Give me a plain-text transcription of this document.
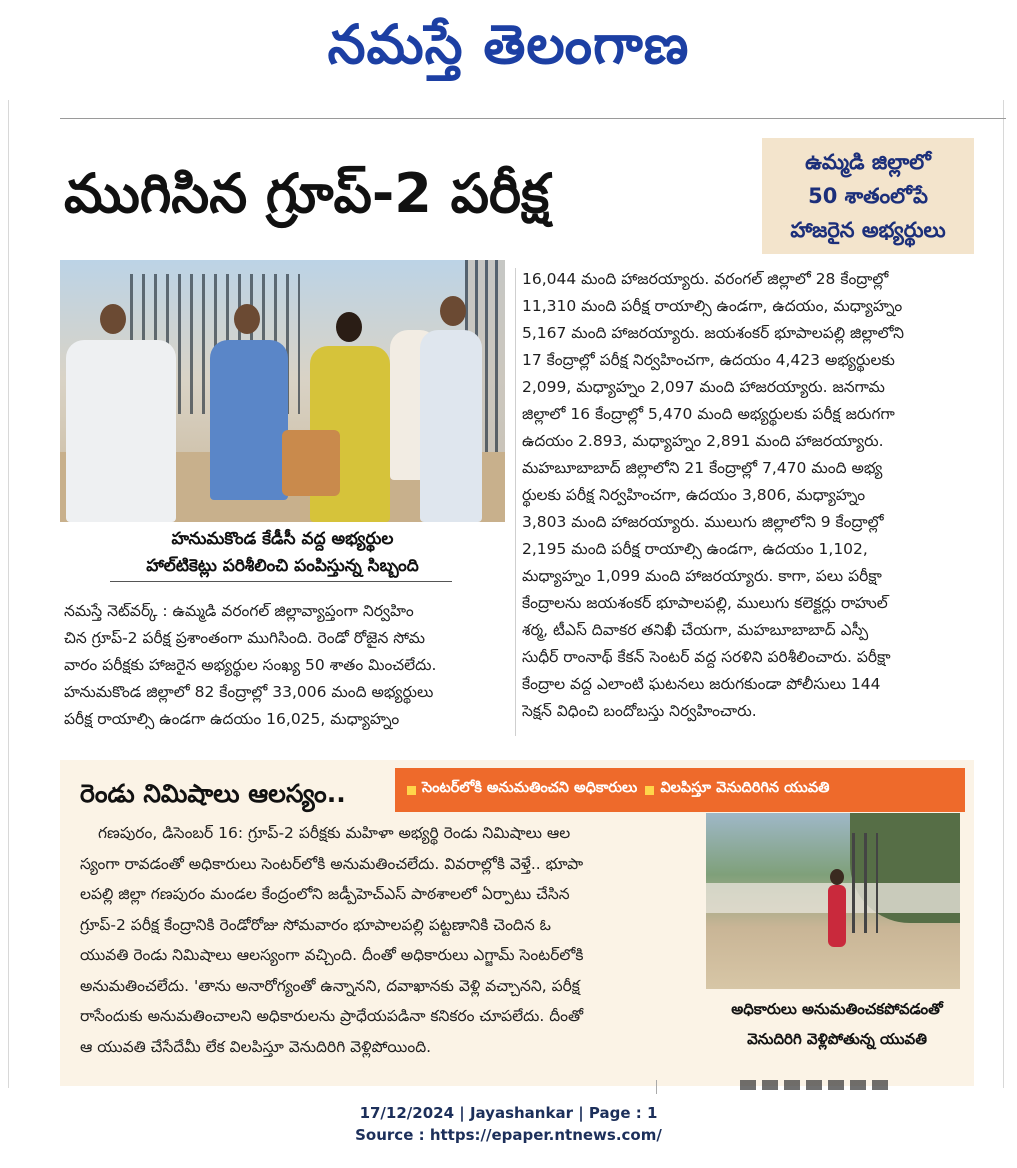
నమస్తే తెలంగాణ
ముగిసిన గ్రూప్-2 పరీక్ష	ఉమ్మడి జిల్లాలో
50 శాతంలోపే
హాజరైన అభ్యర్థులు
హనుమకొండ కేడీసీ వద్ద అభ్యర్థుల
హాల్‌టికెట్లు పరిశీలించి పంపిస్తున్న సిబ్బంది

నమస్తే నెట్‌వర్క్ : ఉమ్మడి వరంగల్ జిల్లావ్యాప్తంగా నిర్వహిం

చిన గ్రూప్-2 పరీక్ష ప్రశాంతంగా ముగిసింది. రెండో రోజైన సోమ

వారం పరీక్షకు హాజరైన అభ్యర్థుల సంఖ్య 50 శాతం మించలేదు.

హనుమకొండ జిల్లాలో 82 కేంద్రాల్లో 33,006 మంది అభ్యర్థులు

పరీక్ష రాయాల్సి ఉండగా ఉదయం 16,025, మధ్యాహ్నం

16,044 మంది హాజరయ్యారు. వరంగల్ జిల్లాలో 28 కేంద్రాల్లో

11,310 మంది పరీక్ష రాయాల్సి ఉండగా, ఉదయం, మధ్యాహ్నం

5,167 మంది హాజరయ్యారు. జయశంకర్ భూపాలపల్లి జిల్లాలోని

17 కేంద్రాల్లో పరీక్ష నిర్వహించగా, ఉదయం 4,423 అభ్యర్థులకు

2,099, మధ్యాహ్నం 2,097 మంది హాజరయ్యారు. జనగామ

జిల్లాలో 16 కేంద్రాల్లో 5,470 మంది అభ్యర్థులకు పరీక్ష జరుగగా

ఉదయం 2.893, మధ్యాహ్నం 2,891 మంది హాజరయ్యారు.

మహబూబాబాద్ జిల్లాలోని 21 కేంద్రాల్లో 7,470 మంది అభ్య

ర్థులకు పరీక్ష నిర్వహించగా, ఉదయం 3,806, మధ్యాహ్నం

3,803 మంది హాజరయ్యారు. ములుగు జిల్లాలోని 9 కేంద్రాల్లో

2,195 మంది పరీక్ష రాయాల్సి ఉండగా, ఉదయం 1,102,

మధ్యాహ్నం 1,099 మంది హాజరయ్యారు. కాగా, పలు పరీక్షా

కేంద్రాలను జయశంకర్ భూపాలపల్లి, ములుగు కలెక్టర్లు రాహుల్

శర్మ, టీఎస్ దివాకర తనిఖీ చేయగా, మహబూబాబాద్ ఎస్పీ

సుధీర్ రాంనాథ్ కేకన్ సెంటర్ వద్ద సరళిని పరిశీలించారు. పరీక్షా

కేంద్రాల వద్ద ఎలాంటి ఘటనలు జరుగకుండా పోలీసులు 144

సెక్షన్ విధించి బందోబస్తు నిర్వహించారు.

రెండు నిమిషాలు ఆలస్యం..	సెంటర్‌లోకి అనుమతించని అధికారులు విలపిస్తూ వెనుదిరిగిన యువతి

గణపురం, డిసెంబర్ 16: గ్రూప్-2 పరీక్షకు మహిళా అభ్యర్థి రెండు నిమిషాలు ఆల

స్యంగా రావడంతో అధికారులు సెంటర్‌లోకి అనుమతించలేదు. వివరాల్లోకి వెళ్తే.. భూపా

లపల్లి జిల్లా గణపురం మండల కేంద్రంలోని జడ్పీహెచ్ఎస్ పాఠశాలలో ఏర్పాటు చేసిన

గ్రూప్-2 పరీక్ష కేంద్రానికి రెండోరోజు సోమవారం భూపాలపల్లి పట్టణానికి చెందిన ఓ

యువతి రెండు నిమిషాలు ఆలస్యంగా వచ్చింది. దీంతో అధికారులు ఎగ్జామ్ సెంటర్‌లోకి

అనుమతించలేదు. 'తాను అనారోగ్యంతో ఉన్నానని, దవాఖానకు వెళ్లి వచ్చానని, పరీక్ష

రాసేందుకు అనుమతించాలని అధికారులను ప్రాధేయపడినా కనికరం చూపలేదు. దీంతో

ఆ యువతి చేసేదేమీ లేక విలపిస్తూ వెనుదిరిగి వెళ్లిపోయింది.

అధికారులు అనుమతించకపోవడంతో
వెనుదిరిగి వెళ్లిపోతున్న యువతి
17/12/2024 | Jayashankar | Page : 1
Source : https://epaper.ntnews.com/
